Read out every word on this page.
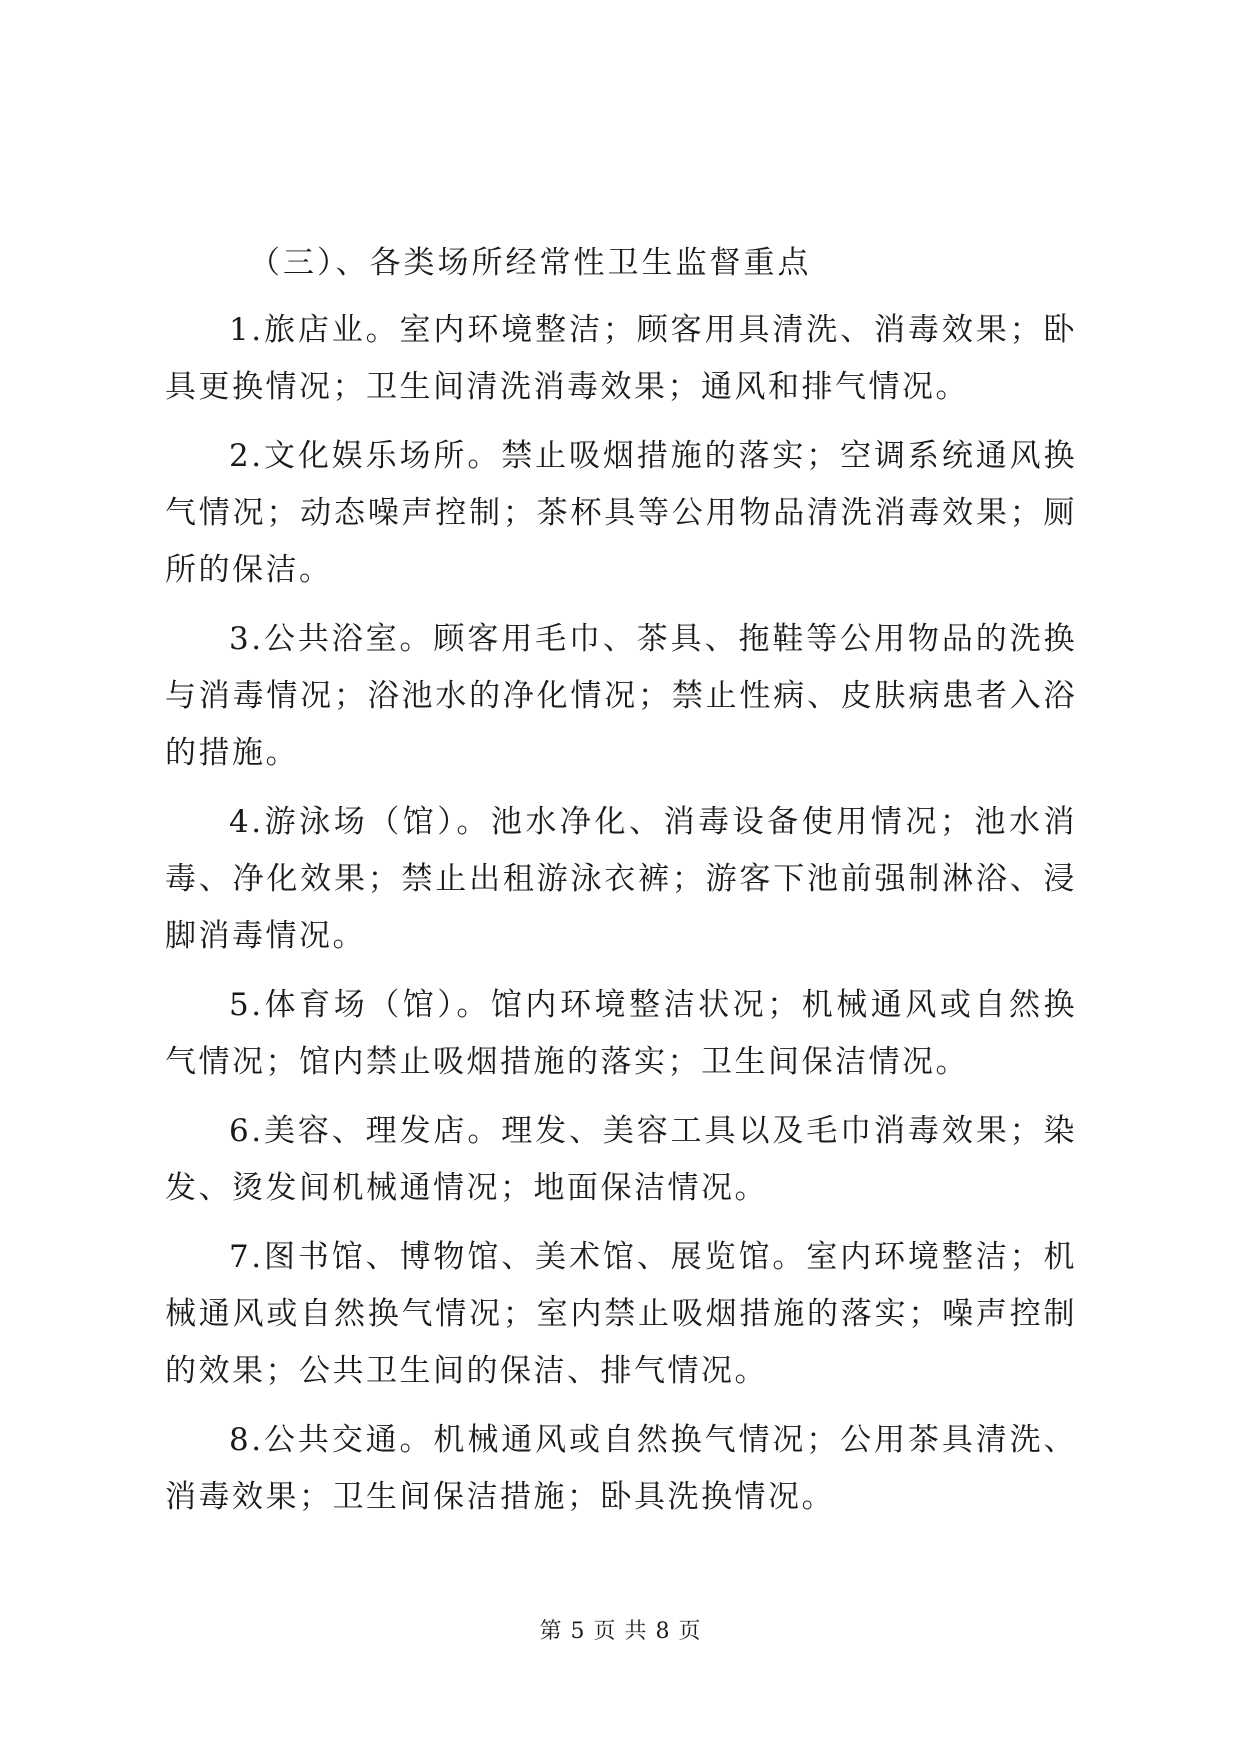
（三）、各类场所经常性卫生监督重点

1.旅店业。室内环境整洁；顾客用具清洗、消毒效果；卧具更换情况；卫生间清洗消毒效果；通风和排气情况。

2.文化娱乐场所。禁止吸烟措施的落实；空调系统通风换气情况；动态噪声控制；茶杯具等公用物品清洗消毒效果；厕所的保洁。

3.公共浴室。顾客用毛巾、茶具、拖鞋等公用物品的洗换与消毒情况；浴池水的净化情况；禁止性病、皮肤病患者入浴的措施。

4.游泳场（馆）。池水净化、消毒设备使用情况；池水消毒、净化效果；禁止出租游泳衣裤；游客下池前强制淋浴、浸脚消毒情况。

5.体育场（馆）。馆内环境整洁状况；机械通风或自然换气情况；馆内禁止吸烟措施的落实；卫生间保洁情况。

6.美容、理发店。理发、美容工具以及毛巾消毒效果；染发、烫发间机械通情况；地面保洁情况。

7.图书馆、博物馆、美术馆、展览馆。室内环境整洁；机械通风或自然换气情况；室内禁止吸烟措施的落实；噪声控制的效果；公共卫生间的保洁、排气情况。

8.公共交通。机械通风或自然换气情况；公用茶具清洗、消毒效果；卫生间保洁措施；卧具洗换情况。

第 5 页 共 8 页
